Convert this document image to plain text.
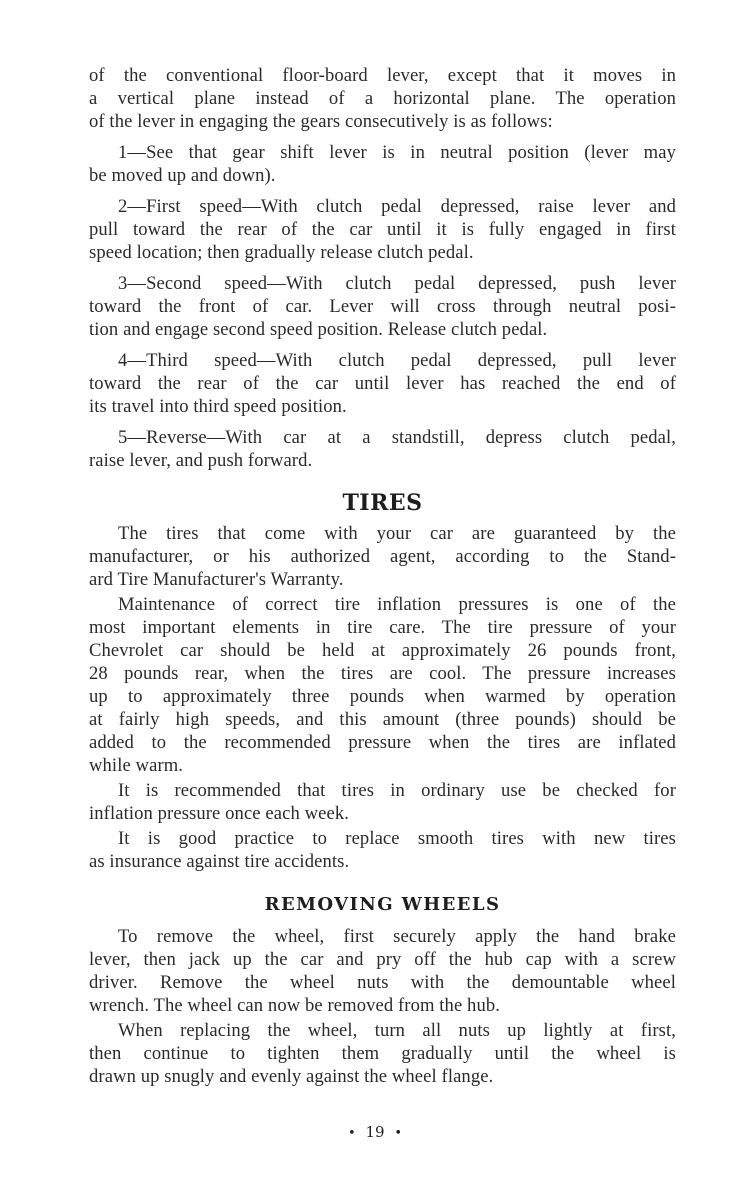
of the conventional floor-board lever, except that it moves in
a vertical plane instead of a horizontal plane. The operation
of the lever in engaging the gears consecutively is as follows:

1—See that gear shift lever is in neutral position (lever may
be moved up and down).

2—First speed—With clutch pedal depressed, raise lever and
pull toward the rear of the car until it is fully engaged in first
speed location; then gradually release clutch pedal.

3—Second speed—With clutch pedal depressed, push lever
toward the front of car. Lever will cross through neutral posi-
tion and engage second speed position. Release clutch pedal.

4—Third speed—With clutch pedal depressed, pull lever
toward the rear of the car until lever has reached the end of
its travel into third speed position.

5—Reverse—With car at a standstill, depress clutch pedal,
raise lever, and push forward.

TIRES

The tires that come with your car are guaranteed by the
manufacturer, or his authorized agent, according to the Stand-
ard Tire Manufacturer's Warranty.

Maintenance of correct tire inflation pressures is one of the
most important elements in tire care. The tire pressure of your
Chevrolet car should be held at approximately 26 pounds front,
28 pounds rear, when the tires are cool. The pressure increases
up to approximately three pounds when warmed by operation
at fairly high speeds, and this amount (three pounds) should be
added to the recommended pressure when the tires are inflated
while warm.

It is recommended that tires in ordinary use be checked for
inflation pressure once each week.

It is good practice to replace smooth tires with new tires
as insurance against tire accidents.

REMOVING WHEELS

To remove the wheel, first securely apply the hand brake
lever, then jack up the car and pry off the hub cap with a screw
driver. Remove the wheel nuts with the demountable wheel
wrench. The wheel can now be removed from the hub.

When replacing the wheel, turn all nuts up lightly at first,
then continue to tighten them gradually until the wheel is
drawn up snugly and evenly against the wheel flange.

• 19 •
